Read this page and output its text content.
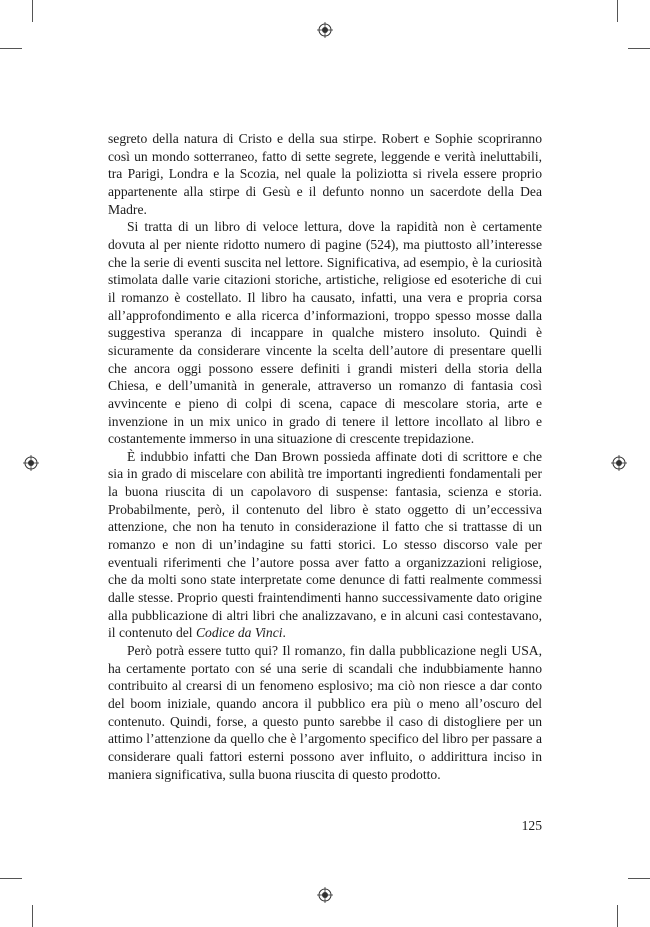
segreto della natura di Cristo e della sua stirpe. Robert e Sophie scopriranno così un mondo sotterraneo, fatto di sette segrete, leggende e verità ineluttabili, tra Parigi, Londra e la Scozia, nel quale la poliziotta si rivela essere proprio appartenente alla stirpe di Gesù e il defunto nonno un sacerdote della Dea Madre.

Si tratta di un libro di veloce lettura, dove la rapidità non è certamente dovuta al per niente ridotto numero di pagine (524), ma piuttosto all’interesse che la serie di eventi suscita nel lettore. Significativa, ad esempio, è la curiosità stimolata dalle varie citazioni storiche, artistiche, religiose ed esoteriche di cui il romanzo è costellato. Il libro ha causato, infatti, una vera e propria corsa all’approfondimento e alla ricerca d’informazioni, troppo spesso mosse dalla suggestiva speranza di incappare in qualche mistero insoluto. Quindi è sicuramente da considerare vincente la scelta dell’autore di presentare quelli che ancora oggi possono essere definiti i grandi misteri della storia della Chiesa, e dell’umanità in generale, attraverso un romanzo di fantasia così avvincente e pieno di colpi di scena, capace di mescolare storia, arte e invenzione in un mix unico in grado di tenere il lettore incollato al libro e costantemente immerso in una situazione di crescente trepidazione.

È indubbio infatti che Dan Brown possieda affinate doti di scrittore e che sia in grado di miscelare con abilità tre importanti ingredienti fondamentali per la buona riuscita di un capolavoro di suspense: fantasia, scienza e storia. Probabilmente, però, il contenuto del libro è stato oggetto di un’eccessiva attenzione, che non ha tenuto in considerazione il fatto che si trattasse di un romanzo e non di un’indagine su fatti storici. Lo stesso discorso vale per eventuali riferimenti che l’autore possa aver fatto a organizzazioni religiose, che da molti sono state interpretate come denunce di fatti realmente commessi dalle stesse. Proprio questi fraintendimenti hanno successivamente dato origine alla pubblicazione di altri libri che analizzavano, e in alcuni casi contestavano, il contenuto del Codice da Vinci.

Però potrà essere tutto qui? Il romanzo, fin dalla pubblicazione negli USA, ha certamente portato con sé una serie di scandali che indubbiamente hanno contribuito al crearsi di un fenomeno esplosivo; ma ciò non riesce a dar conto del boom iniziale, quando ancora il pubblico era più o meno all’oscuro del contenuto. Quindi, forse, a questo punto sarebbe il caso di distogliere per un attimo l’attenzione da quello che è l’argomento specifico del libro per passare a considerare quali fattori esterni possono aver influito, o addirittura inciso in maniera significativa, sulla buona riuscita di questo prodotto.

125
